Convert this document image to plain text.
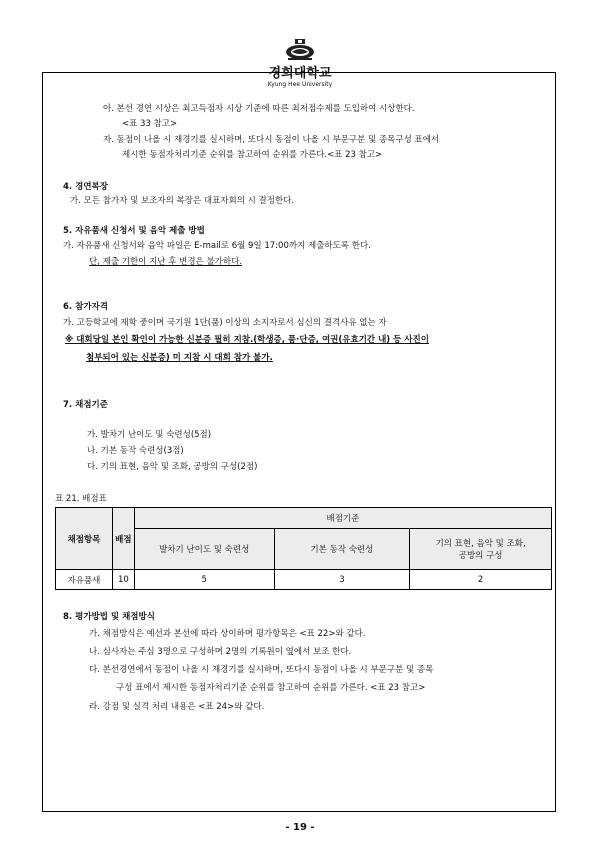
경희대학교
Kyung Hee University
아. 본선 경연 시상은 최고득점자 시상 기준에 따른 최저점수제를 도입하여 시상한다.
<표 33 참고>
자. 동점이 나올 시 재경기를 실시하며, 또다시 동점이 나올 시 부문구분 및 종목구성 표에서
제시한 동점자처리기준 순위를 참고하여 순위를 가른다.<표 23 참고>
4. 경연복장
가. 모든 참가자 및 보조자의 복장은 대표자회의 시 결정한다.
5. 자유품새 신청서 및 음악 제출 방법
가. 자유품새 신청서와 음악 파일은 E-mail로 6월 9일 17:00까지 제출하도록 한다.
단, 제출 기한이 지난 후 변경은 불가하다.
6. 참가자격
가. 고등학교에 재학 중이며 국기원 1단(품) 이상의 소지자로서 심신의 결격사유 없는 자
※ 대회당일 본인 확인이 가능한 신분증 필히 지참.(학생증, 품·단증, 여권(유효기간 내) 등 사진이
첨부되어 있는 신분증) 미 지참 시 대회 참가 불가.
7. 채점기준
가. 발차기 난이도 및 숙련성(5점)
나. 기본 동작 숙련성(3점)
다. 기의 표현, 음악 및 조화, 공방의 구성(2점)
표 21. 배점표
채점항목	배점	배점기준		
		발차기 난이도 및 숙련성	기본 동작 숙련성	기의 표현, 음악 및 조화,
공방의 구성

자유품새	10	5	3	2
8. 평가방법 및 채점방식
가. 채점방식은 예선과 본선에 따라 상이하며 평가항목은 <표 22>와 같다.
나. 심사자는 주심 3명으로 구성하며 2명의 기록원이 옆에서 보조 한다.
다. 본선경연에서 동점이 나올 시 재경기를 실시하며, 또다시 동점이 나올 시 부문구분 및 종목
구성 표에서 제시한 동점자처리기준 순위를 참고하여 순위를 가른다. <표 23 참고>
라. 강점 및 실격 처리 내용은 <표 24>와 같다.
- 19 -
